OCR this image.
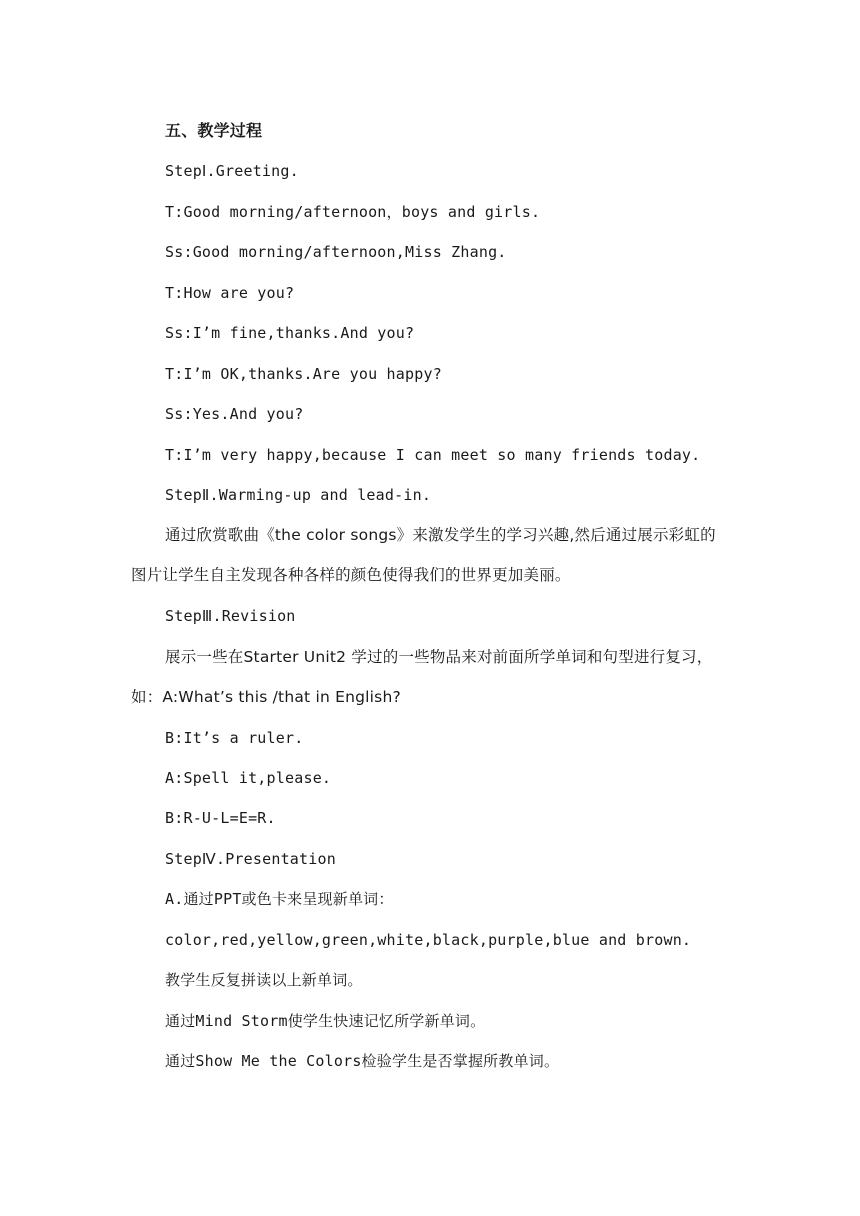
五、教学过程
StepⅠ.Greeting.
T:Good morning/afternoon，boys and girls.
Ss:Good morning/afternoon,Miss Zhang.
T:How are you?
Ss:I’m fine,thanks.And you?
T:I’m OK,thanks.Are you happy?
Ss:Yes.And you?
T:I’m very happy,because I can meet so many friends today.
StepⅡ.Warming-up and lead-in.
通过欣赏歌曲《the color songs》来激发学生的学习兴趣,然后通过展示彩虹的图片让学生自主发现各种各样的颜色使得我们的世界更加美丽。
StepⅢ.Revision
展示一些在Starter Unit2 学过的一些物品来对前面所学单词和句型进行复习，如：A:What’s this /that in English?
B:It’s a ruler.
A:Spell it,please.
B:R-U-L=E=R.
StepⅣ.Presentation
A.通过PPT或色卡来呈现新单词：
color,red,yellow,green,white,black,purple,blue and brown.
教学生反复拼读以上新单词。
通过Mind Storm使学生快速记忆所学新单词。
通过Show Me the Colors检验学生是否掌握所教单词。
